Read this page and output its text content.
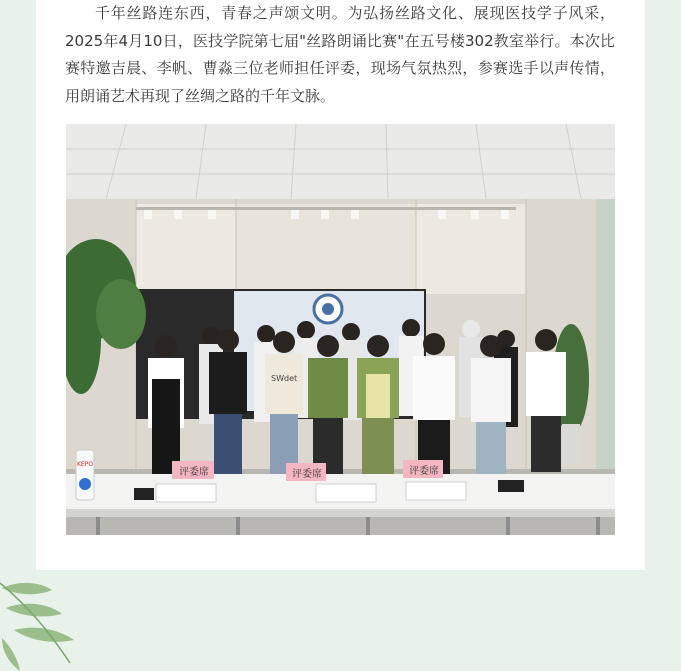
千年丝路连东西，青春之声颂文明。为弘扬丝路文化、展现医技学子风采，2025年4月10日，医技学院第七届"丝路朗诵比赛"在五号楼302教室举行。本次比赛特邀吉晨、李帆、曹淼三位老师担任评委，现场气氛热烈，参赛选手以声传情，用朗诵艺术再现了丝绸之路的千年文脉。

SWdet
KEPO
评委席	评委席	评委席
